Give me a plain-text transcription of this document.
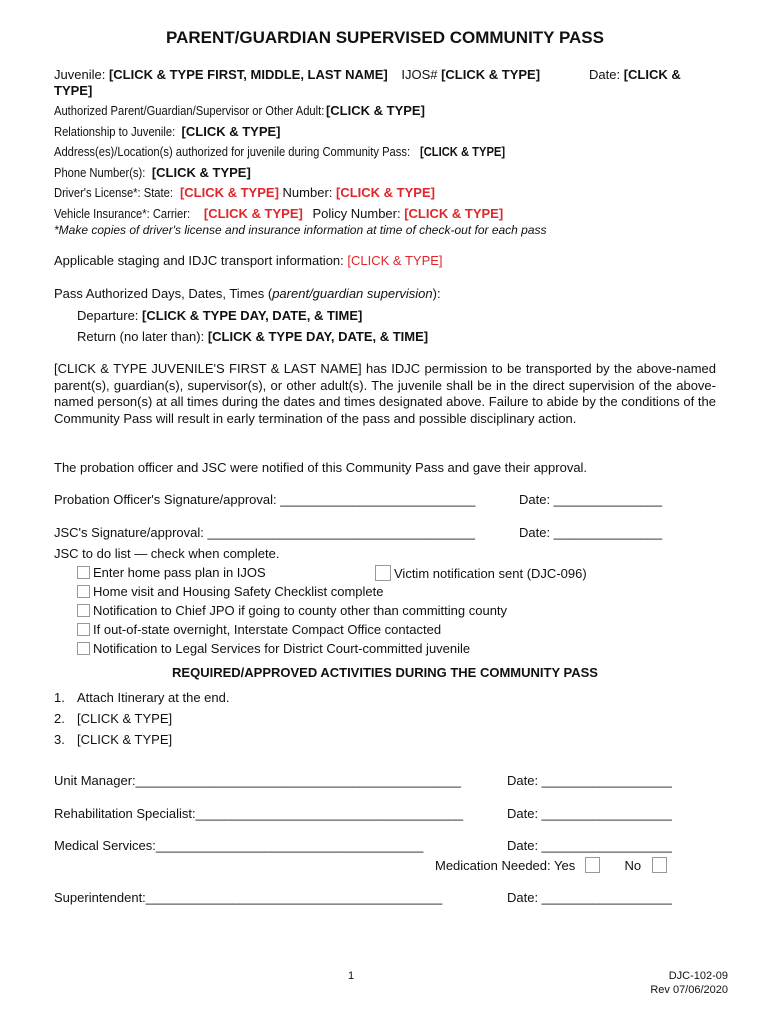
PARENT/GUARDIAN SUPERVISED COMMUNITY PASS
Juvenile: [CLICK & TYPE FIRST, MIDDLE, LAST NAME] IJOS# [CLICK & TYPE]	Date: [CLICK &
TYPE]
Authorized Parent/Guardian/Supervisor or Other Adult: [CLICK & TYPE]
Relationship to Juvenile: [CLICK & TYPE]
Address(es)/Location(s) authorized for juvenile during Community Pass: [CLICK & TYPE]
Phone Number(s): [CLICK & TYPE]
Driver's License*: State: [CLICK & TYPE] Number: [CLICK & TYPE]
Vehicle Insurance*: Carrier: [CLICK & TYPE] Policy Number: [CLICK & TYPE]
*Make copies of driver's license and insurance information at time of check-out for each pass
Applicable staging and IDJC transport information: [CLICK & TYPE]
Pass Authorized Days, Dates, Times (parent/guardian supervision):
Departure: [CLICK & TYPE DAY, DATE, & TIME]
Return (no later than): [CLICK & TYPE DAY, DATE, & TIME]
[CLICK & TYPE JUVENILE'S FIRST & LAST NAME] has IDJC permission to be transported by the above-named parent(s), guardian(s), supervisor(s), or other adult(s). The juvenile shall be in the direct supervision of the above-named person(s) at all times during the dates and times designated above. Failure to abide by the conditions of the Community Pass will result in early termination of the pass and possible disciplinary action.
The probation officer and JSC were notified of this Community Pass and gave their approval.
Probation Officer's Signature/approval: ___________________________	Date: _______________
JSC's Signature/approval: _____________________________________	Date: _______________
JSC to do list — check when complete.
Enter home pass plan in IJOS	Victim notification sent (DJC-096)
Home visit and Housing Safety Checklist complete
Notification to Chief JPO if going to county other than committing county
If out-of-state overnight, Interstate Compact Office contacted
Notification to Legal Services for District Court-committed juvenile
REQUIRED/APPROVED ACTIVITIES DURING THE COMMUNITY PASS
1. Attach Itinerary at the end.
2. [CLICK & TYPE]
3. [CLICK & TYPE]
Unit Manager:_____________________________________________	Date: __________________
Rehabilitation Specialist:_____________________________________	Date: __________________
Medical Services:_____________________________________	Date: __________________
Medication Needed: Yes	No
Superintendent:_________________________________________	Date: __________________
1	DJC-102-09
Rev 07/06/2020
